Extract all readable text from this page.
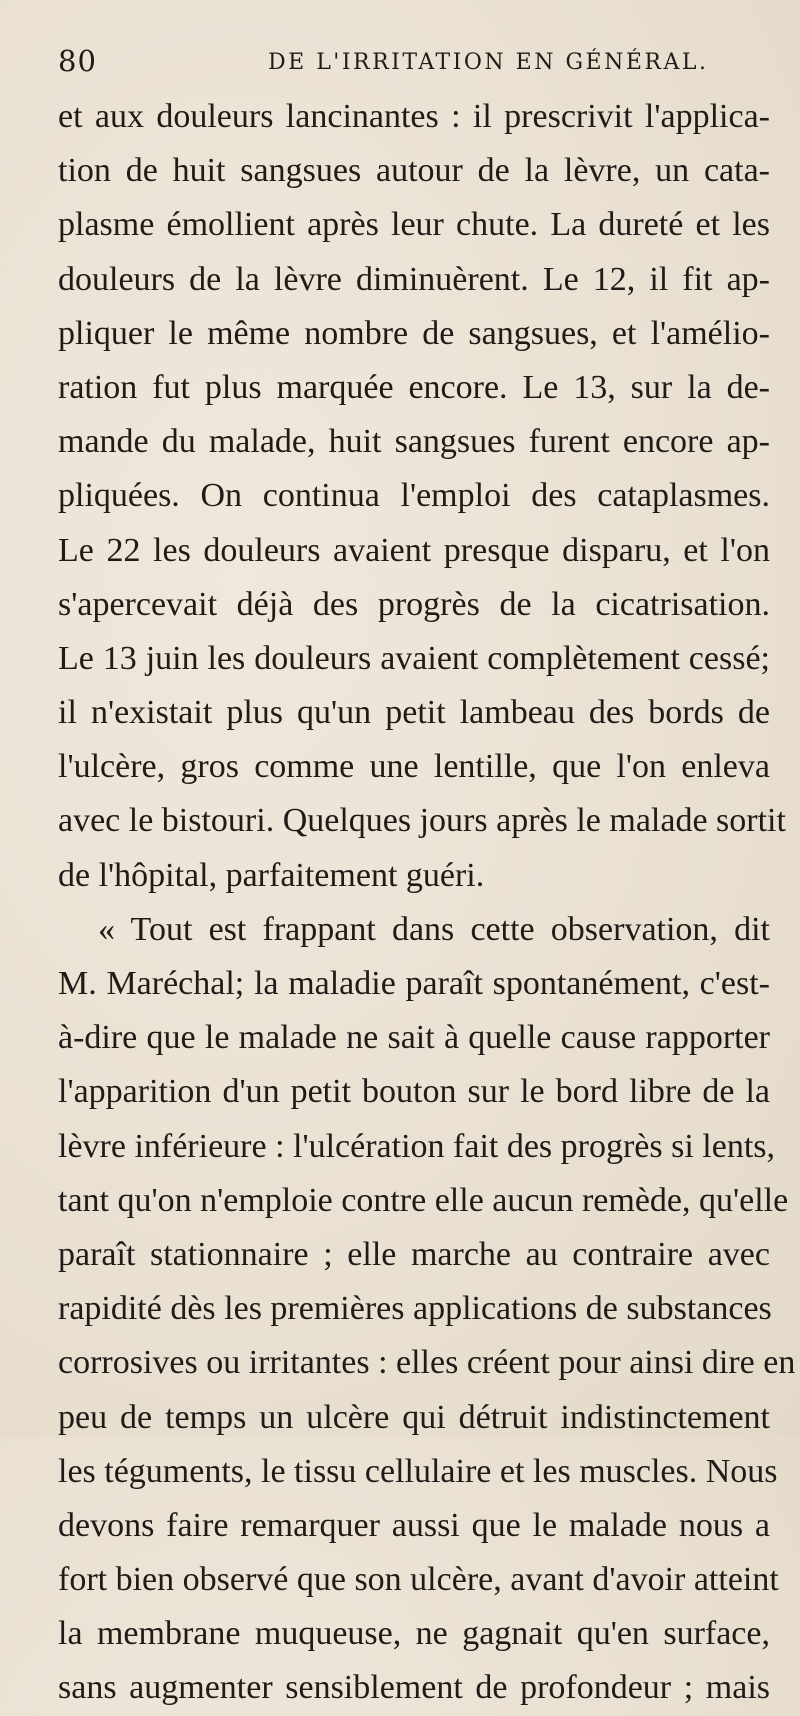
80	DE L'IRRITATION EN GÉNÉRAL.
et aux douleurs lancinantes : il prescrivit l'applica-
tion de huit sangsues autour de la lèvre, un cata-
plasme émollient après leur chute. La dureté et les
douleurs de la lèvre diminuèrent. Le 12, il fit ap-
pliquer le même nombre de sangsues, et l'amélio-
ration fut plus marquée encore. Le 13, sur la de-
mande du malade, huit sangsues furent encore ap-
pliquées. On continua l'emploi des cataplasmes.
Le 22 les douleurs avaient presque disparu, et l'on
s'apercevait déjà des progrès de la cicatrisation.
Le 13 juin les douleurs avaient complètement cessé;
il n'existait plus qu'un petit lambeau des bords de
l'ulcère, gros comme une lentille, que l'on enleva
avec le bistouri. Quelques jours après le malade sortit
de l'hôpital, parfaitement guéri.
« Tout est frappant dans cette observation, dit
M. Maréchal; la maladie paraît spontanément, c'est-
à-dire que le malade ne sait à quelle cause rapporter
l'apparition d'un petit bouton sur le bord libre de la
lèvre inférieure : l'ulcération fait des progrès si lents,
tant qu'on n'emploie contre elle aucun remède, qu'elle
paraît stationnaire ; elle marche au contraire avec
rapidité dès les premières applications de substances
corrosives ou irritantes : elles créent pour ainsi dire en
peu de temps un ulcère qui détruit indistinctement
les téguments, le tissu cellulaire et les muscles. Nous
devons faire remarquer aussi que le malade nous a
fort bien observé que son ulcère, avant d'avoir atteint
la membrane muqueuse, ne gagnait qu'en surface,
sans augmenter sensiblement de profondeur ; mais
